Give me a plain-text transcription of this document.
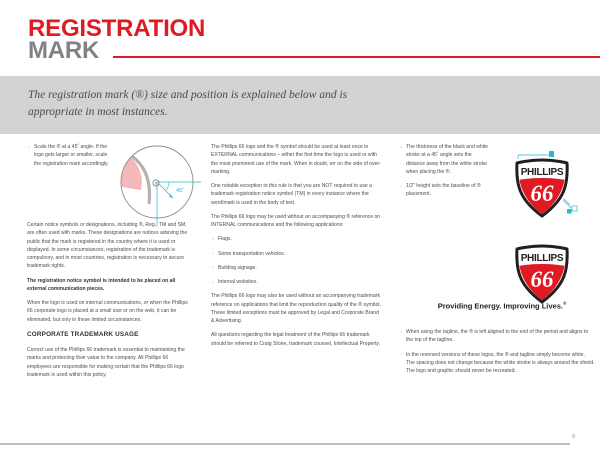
REGISTRATION
MARK
The registration mark (®) size and position is explained below and is appropriate in most instances.
· Scale the ® at a 45˚ angle. If the logo gets larger or smaller, scale the registration mark accordingly.

Certain notice symbols or designations, including ®, Reg., TM and SM, are often used with marks. These designations are notices advising the public that the mark is registered in the country where it is used or displayed. In some circumstances, registration of the trademark is compulsory, and in most countries, registration is necessary to secure trademark rights.

The registration notice symbol is intended to be placed on all external communication pieces.

When the logo is used on internal communications, or when the Phillips 66 corporate logo is placed at a small size or on the web, it can be eliminated, but only in these limited circumstances.

CORPORATE TRADEMARK USAGE

Correct use of the Phillips 66 trademark is essential to maintaining the marks and protecting their value to the company. All Phillips 66 employees are responsible for making certain that the Phillips 66 logo trademark is used within this policy.

®
45˚

The Phillips 66 logo and the ® symbol should be used at least once in EXTERNAL communications – either the first time the logo is used or with the most prominent use of the mark. When in doubt, err on the side of over-marking.

One notable exception to this rule is that you are NOT required to use a trademark registration notice symbol (TM) in every instance where the word/mark is used in the body of text.

The Phillips 66 logo may be used without an accompanying ® reference on INTERNAL communications and the following applications:

· Flags.
· Some transportation vehicles.
· Building signage.
· Internal websites.

The Phillips 66 logo may also be used without an accompanying trademark reference on applications that limit the reproduction quality of the ® symbol. These limited exceptions must be approved by Legal and Corporate Brand & Advertising.

All questions regarding the legal treatment of the Phillips 66 trademark should be referred to Craig Stone, trademark counsel, Intellectual Property.

· The thickness of the black and white stroke at a 45˚ angle sets the distance away from the white stroke when placing the ®.
· 1/2" height sets the baseline of ® placement.
PHILLIPS
66
PHILLIPS
66
Providing Energy. Improving Lives.®
· When using the tagline, the ® is left aligned to the end of the period and aligns to the top of the tagline.
· In the reversed versions of these logos, the ® and tagline simply become white. The spacing does not change because the white stroke is always around the shield. The logo and graphic should never be recreated.
9
